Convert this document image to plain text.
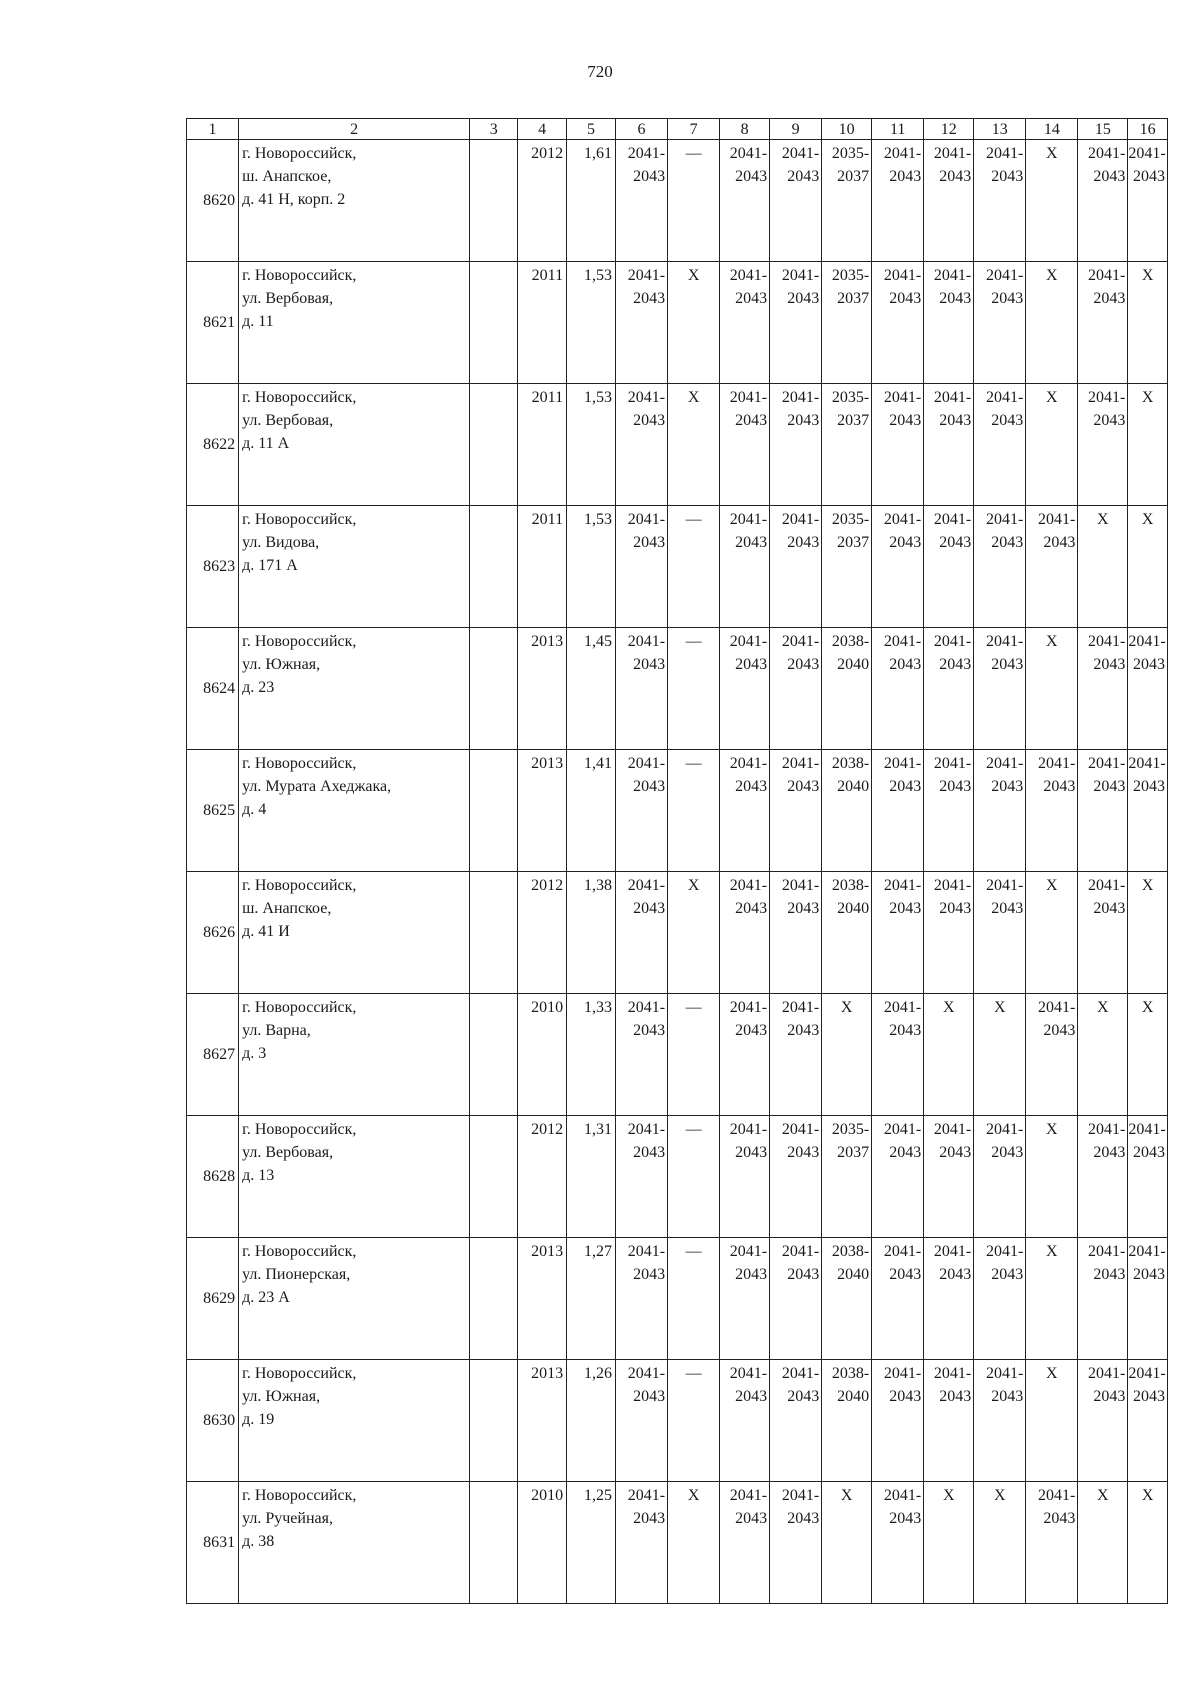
720
1	2	3	4	5	6	7	8	9	10	11	12	13	14	15	16
8620	г. Новороссийск,
ш. Анапское,
д. 41 Н, корп. 2		2012	1,61	2041-
2043	—	2041-
2043	2041-
2043	2035-
2037	2041-
2043	2041-
2043	2041-
2043	Х	2041-
2043	2041-
2043

8621	г. Новороссийск,
ул. Вербовая,
д. 11		2011	1,53	2041-
2043	Х	2041-
2043	2041-
2043	2035-
2037	2041-
2043	2041-
2043	2041-
2043	Х	2041-
2043	Х
8622	г. Новороссийск,
ул. Вербовая,
д. 11 А		2011	1,53	2041-
2043	Х	2041-
2043	2041-
2043	2035-
2037	2041-
2043	2041-
2043	2041-
2043	Х	2041-
2043	Х
8623	г. Новороссийск,
ул. Видова,
д. 171 А		2011	1,53	2041-
2043	—	2041-
2043	2041-
2043	2035-
2037	2041-
2043	2041-
2043	2041-
2043	2041-
2043	Х	Х
8624	г. Новороссийск,
ул. Южная,
д. 23		2013	1,45	2041-
2043	—	2041-
2043	2041-
2043	2038-
2040	2041-
2043	2041-
2043	2041-
2043	Х	2041-
2043	2041-
2043

8625	г. Новороссийск,
ул. Мурата Ахеджака,
д. 4		2013	1,41	2041-
2043	—	2041-
2043	2041-
2043	2038-
2040	2041-
2043	2041-
2043	2041-
2043	2041-
2043	2041-
2043	2041-
2043

8626	г. Новороссийск,
ш. Анапское,
д. 41 И		2012	1,38	2041-
2043	Х	2041-
2043	2041-
2043	2038-
2040	2041-
2043	2041-
2043	2041-
2043	Х	2041-
2043	Х
8627	г. Новороссийск,
ул. Варна,
д. 3		2010	1,33	2041-
2043	—	2041-
2043	2041-
2043	Х	2041-
2043	Х	Х	2041-
2043	Х	Х
8628	г. Новороссийск,
ул. Вербовая,
д. 13		2012	1,31	2041-
2043	—	2041-
2043	2041-
2043	2035-
2037	2041-
2043	2041-
2043	2041-
2043	Х	2041-
2043	2041-
2043

8629	г. Новороссийск,
ул. Пионерская,
д. 23 А		2013	1,27	2041-
2043	—	2041-
2043	2041-
2043	2038-
2040	2041-
2043	2041-
2043	2041-
2043	Х	2041-
2043	2041-
2043

8630	г. Новороссийск,
ул. Южная,
д. 19		2013	1,26	2041-
2043	—	2041-
2043	2041-
2043	2038-
2040	2041-
2043	2041-
2043	2041-
2043	Х	2041-
2043	2041-
2043

8631	г. Новороссийск,
ул. Ручейная,
д. 38		2010	1,25	2041-
2043	Х	2041-
2043	2041-
2043	Х	2041-
2043	Х	Х	2041-
2043	Х	Х
